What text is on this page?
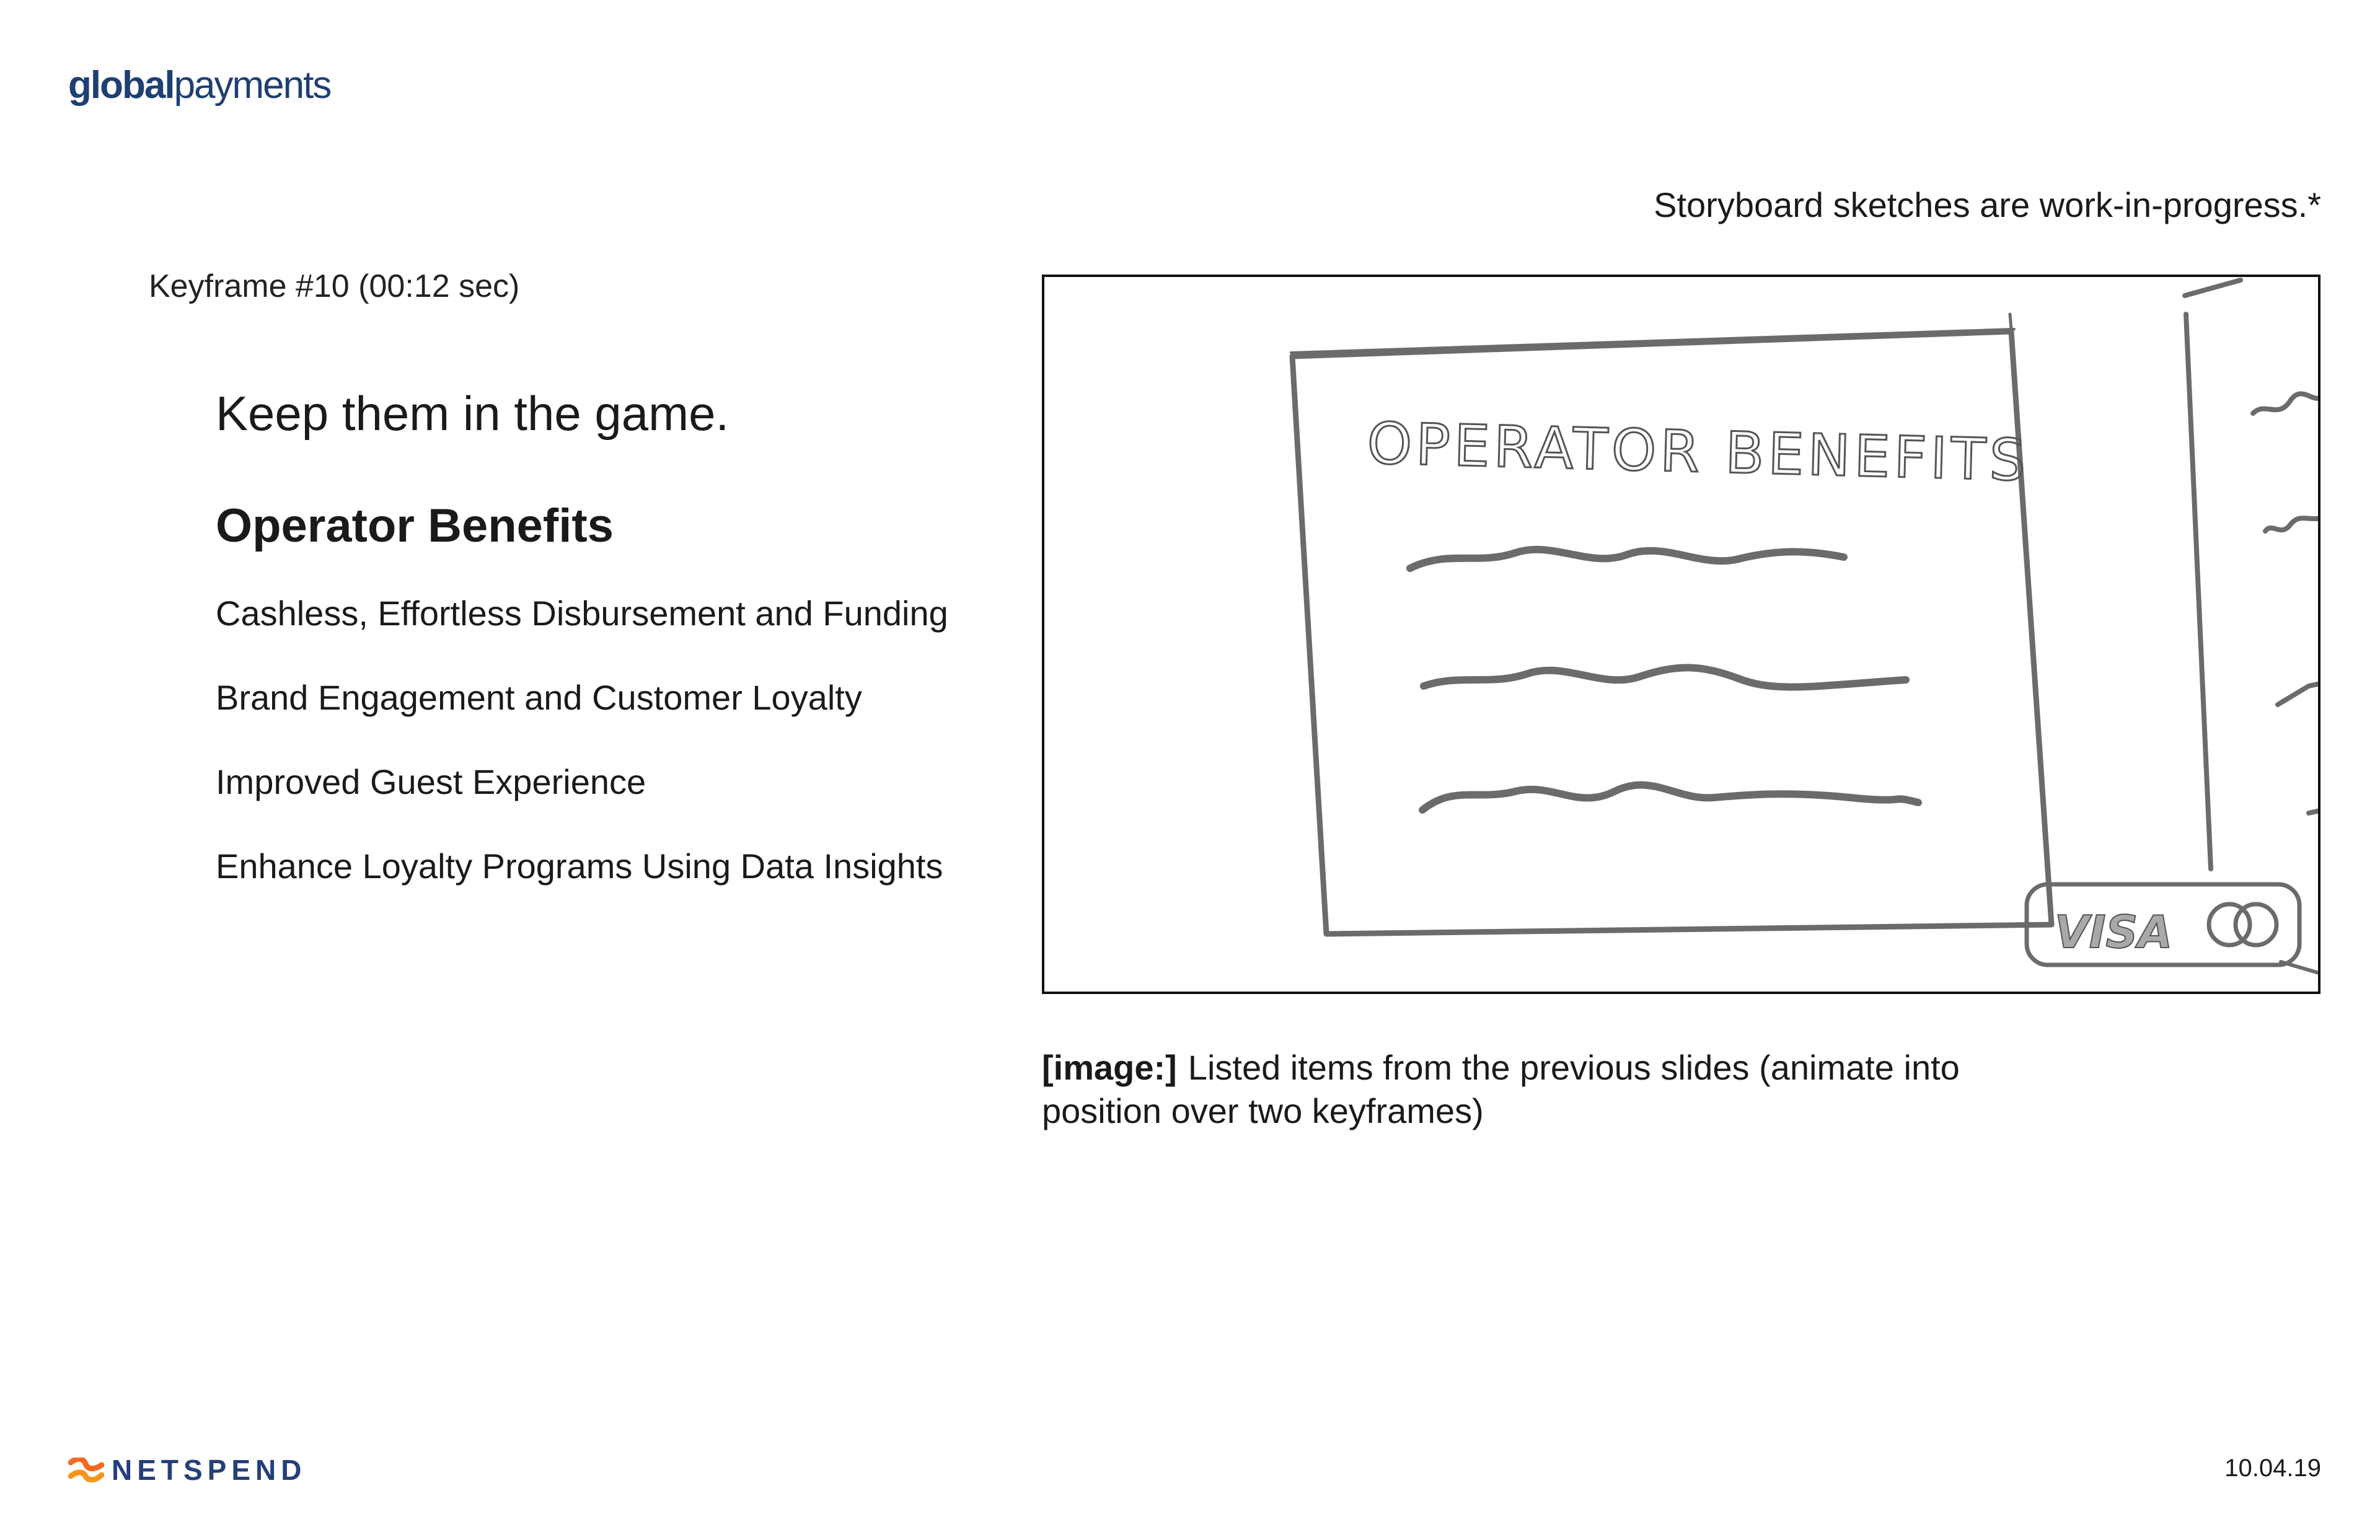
globalpayments
Storyboard sketches are work-in-progress.*
Keyframe #10 (00:12 sec)
Keep them in the game.
Operator Benefits
Cashless, Effortless Disbursement and Funding
Brand Engagement and Customer Loyalty
Improved Guest Experience
Enhance Loyalty Programs Using Data Insights
OPERATOR BENEFITS
VISA
[image:] Listed items from the previous slides (animate into position over two keyframes)
NETSPEND	10.04.19
